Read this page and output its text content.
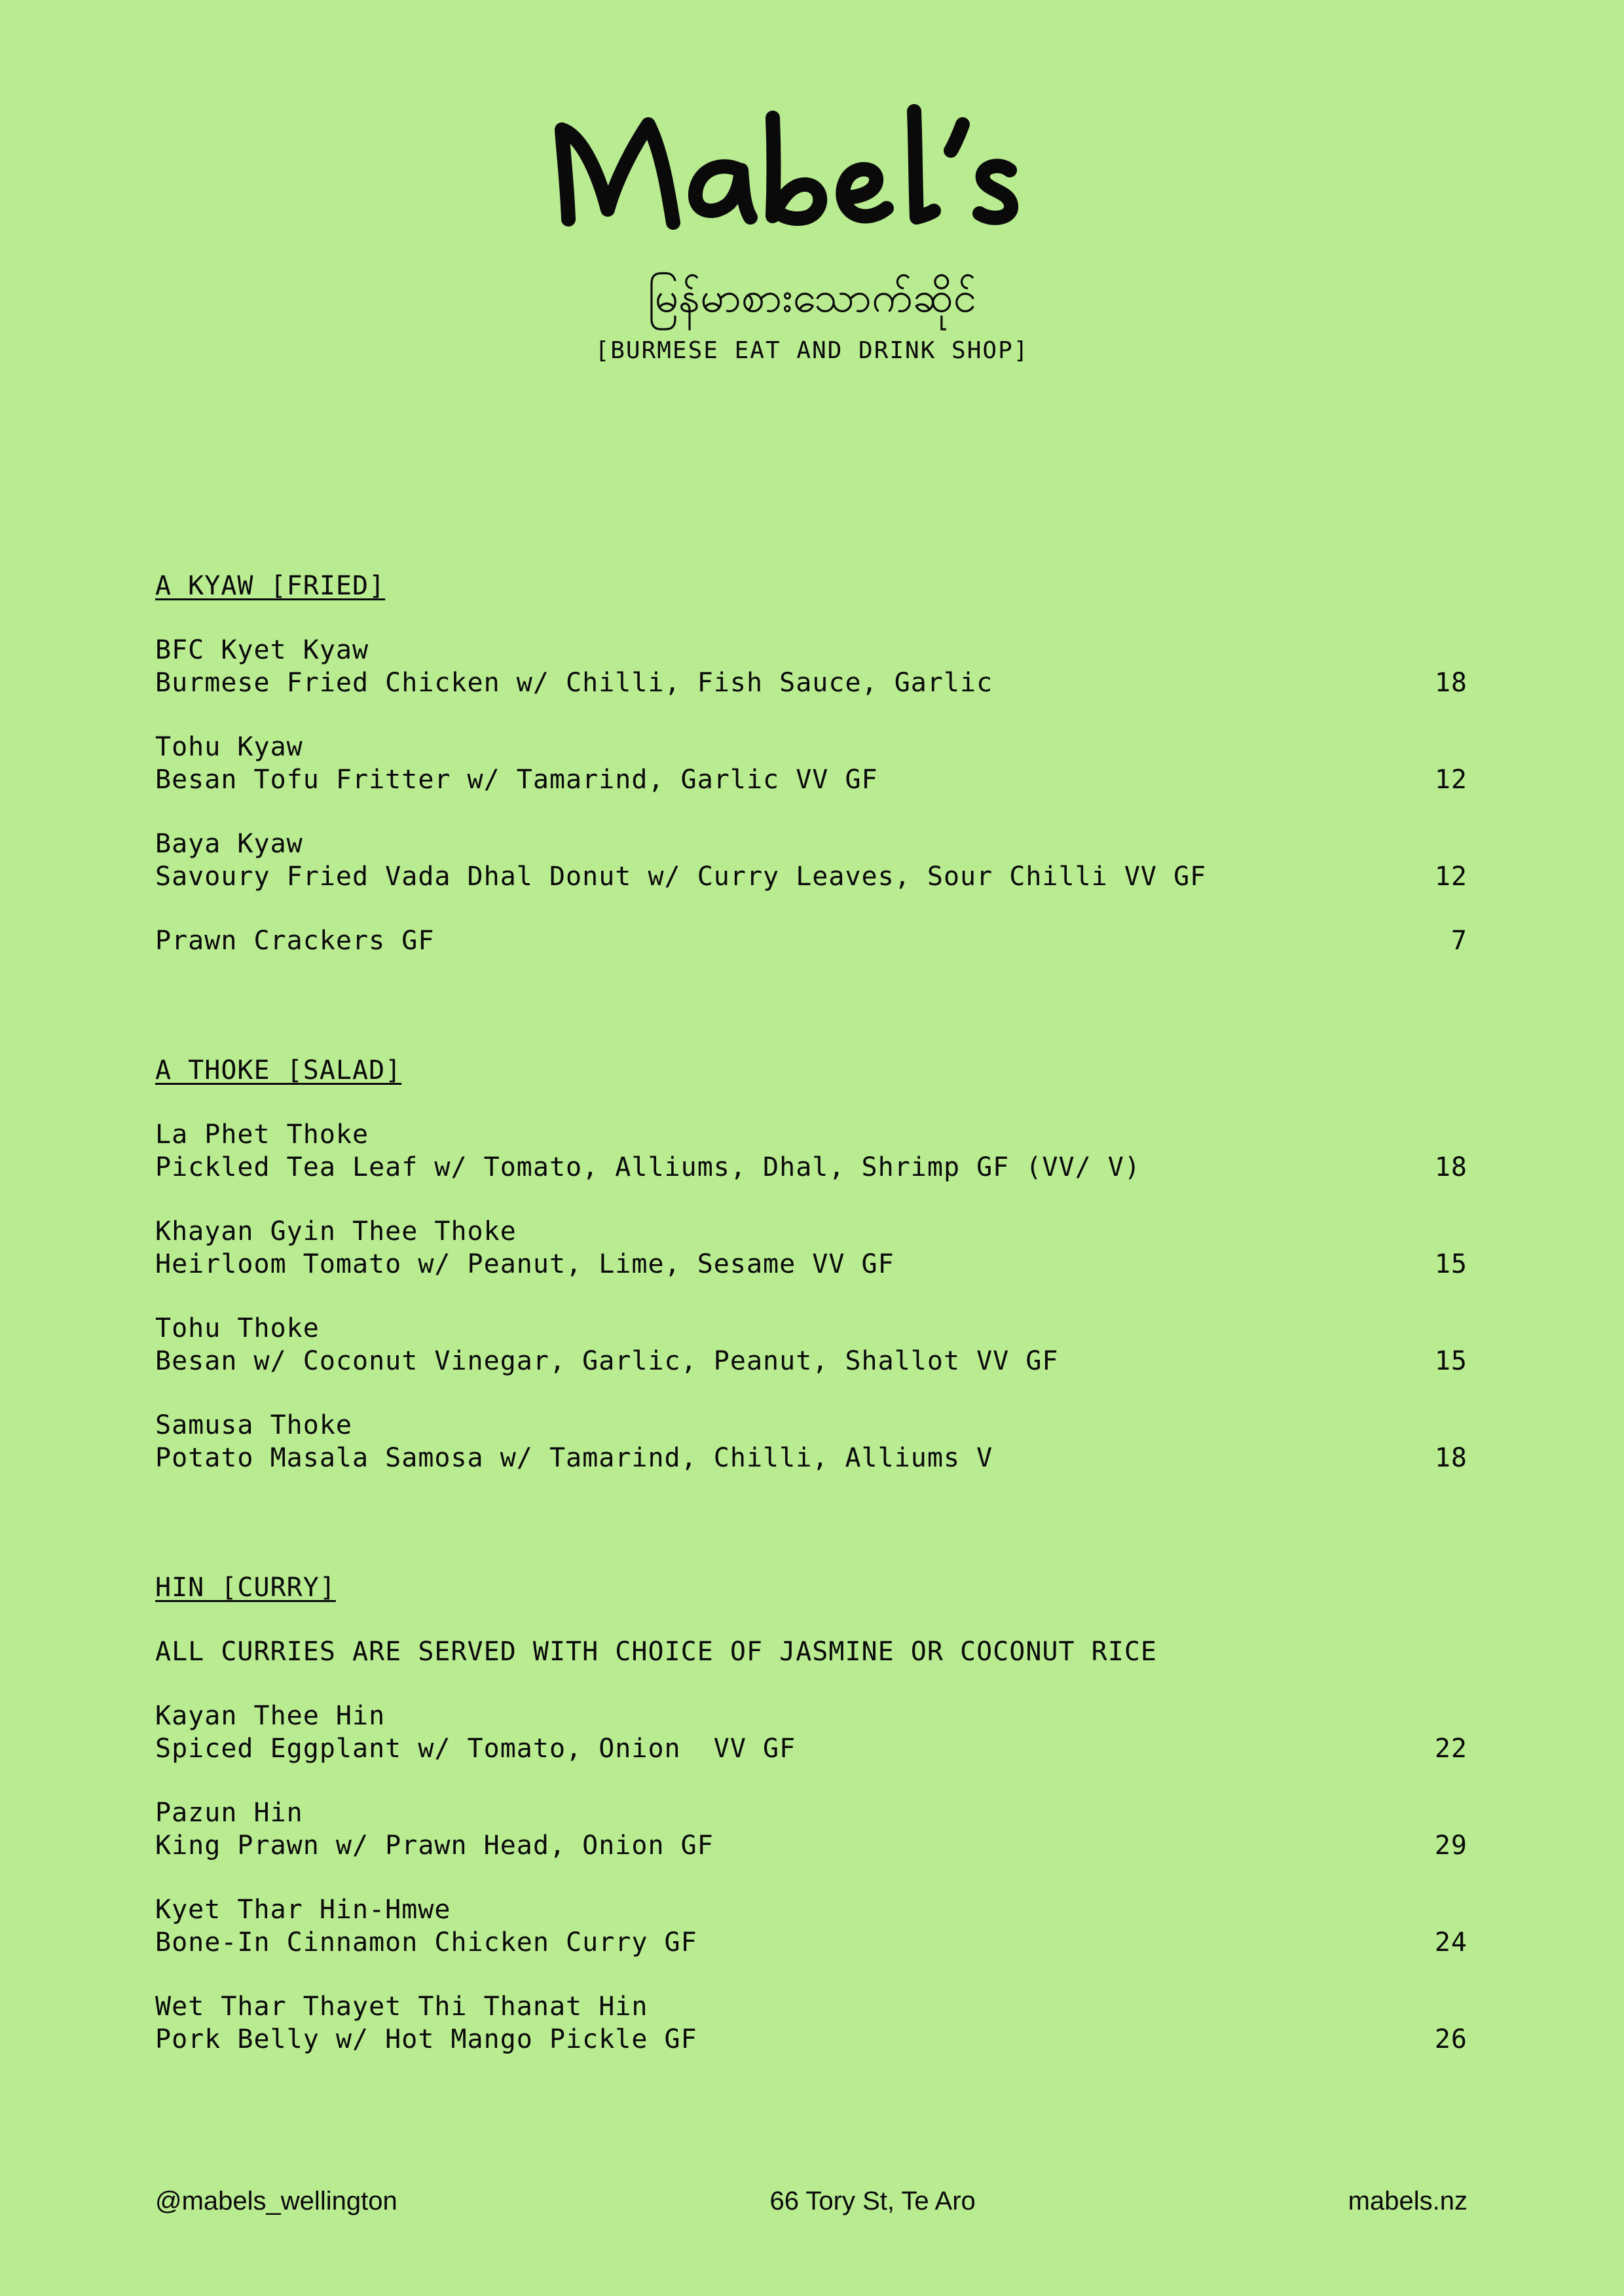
မြန်မာစားသောက်ဆိုင်
[BURMESE EAT AND DRINK SHOP]
A KYAW [FRIED]
BFC Kyet Kyaw
Burmese Fried Chicken w/ Chilli, Fish Sauce, Garlic	18
Tohu Kyaw
Besan Tofu Fritter w/ Tamarind, Garlic VV GF	12
Baya Kyaw
Savoury Fried Vada Dhal Donut w/ Curry Leaves, Sour Chilli VV GF	12
Prawn Crackers GF	7
A THOKE [SALAD]
La Phet Thoke
Pickled Tea Leaf w/ Tomato, Alliums, Dhal, Shrimp GF (VV/ V)	18
Khayan Gyin Thee Thoke
Heirloom Tomato w/ Peanut, Lime, Sesame VV GF	15
Tohu Thoke
Besan w/ Coconut Vinegar, Garlic, Peanut, Shallot VV GF	15
Samusa Thoke
Potato Masala Samosa w/ Tamarind, Chilli, Alliums V	18
HIN [CURRY]
ALL CURRIES ARE SERVED WITH CHOICE OF JASMINE OR COCONUT RICE
Kayan Thee Hin
Spiced Eggplant w/ Tomato, Onion  VV GF	22
Pazun Hin
King Prawn w/ Prawn Head, Onion GF	29
Kyet Thar Hin-Hmwe
Bone-In Cinnamon Chicken Curry GF	24
Wet Thar Thayet Thi Thanat Hin
Pork Belly w/ Hot Mango Pickle GF	26
@mabels_wellington	66 Tory St, Te Aro	mabels.nz
